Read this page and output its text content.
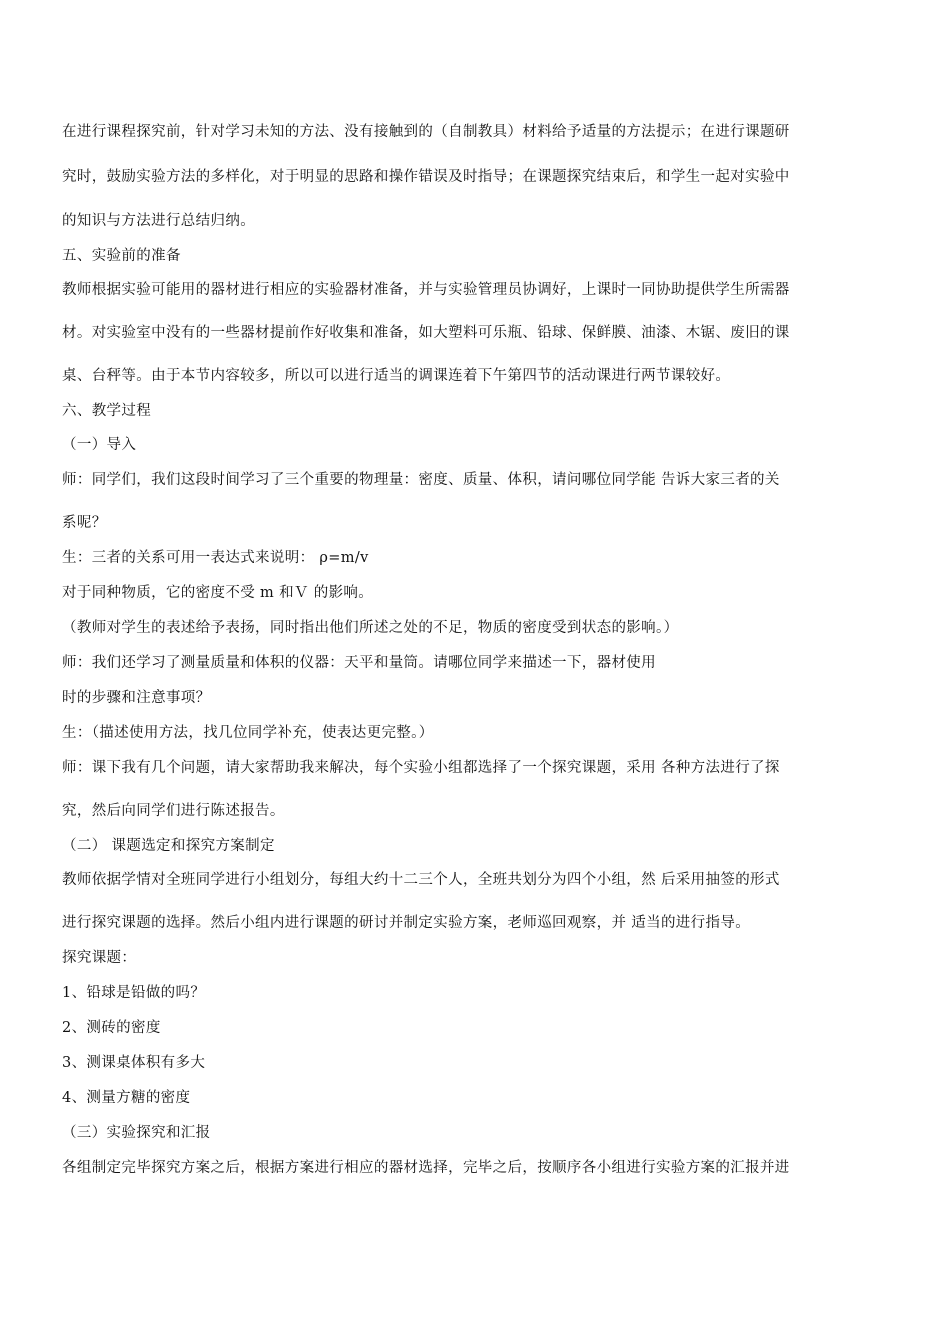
在进行课程探究前，针对学习未知的方法、没有接触到的（自制教具）材料给予适量的方法提示；在进行课题研
究时，鼓励实验方法的多样化，对于明显的思路和操作错误及时指导；在课题探究结束后，和学生一起对实验中
的知识与方法进行总结归纳。
五、实验前的准备
教师根据实验可能用的器材进行相应的实验器材准备，并与实验管理员协调好，上课时一同协助提供学生所需器
材。对实验室中没有的一些器材提前作好收集和准备，如大塑料可乐瓶、铅球、保鲜膜、油漆、木锯、废旧的课
桌、台秤等。由于本节内容较多，所以可以进行适当的调课连着下午第四节的活动课进行两节课较好。
六、教学过程
（一）导入
师：同学们，我们这段时间学习了三个重要的物理量：密度、质量、体积，请问哪位同学能 告诉大家三者的关
系呢？
生：三者的关系可用一表达式来说明： ρ=m/v
对于同种物质，它的密度不受 m 和Ｖ 的影响。
（教师对学生的表述给予表扬，同时指出他们所述之处的不足，物质的密度受到状态的影响。）
师：我们还学习了测量质量和体积的仪器：天平和量筒。请哪位同学来描述一下，器材使用
时的步骤和注意事项？
生：（描述使用方法，找几位同学补充，使表达更完整。）
师：课下我有几个问题，请大家帮助我来解决，每个实验小组都选择了一个探究课题，采用 各种方法进行了探
究，然后向同学们进行陈述报告。
（二） 课题选定和探究方案制定
教师依据学情对全班同学进行小组划分，每组大约十二三个人，全班共划分为四个小组，然 后采用抽签的形式
进行探究课题的选择。然后小组内进行课题的研讨并制定实验方案，老师巡回观察，并 适当的进行指导。
探究课题：
1、铅球是铅做的吗？
2、测砖的密度
3、测课桌体积有多大
4、测量方糖的密度
（三）实验探究和汇报
各组制定完毕探究方案之后，根据方案进行相应的器材选择，完毕之后，按顺序各小组进行实验方案的汇报并进
